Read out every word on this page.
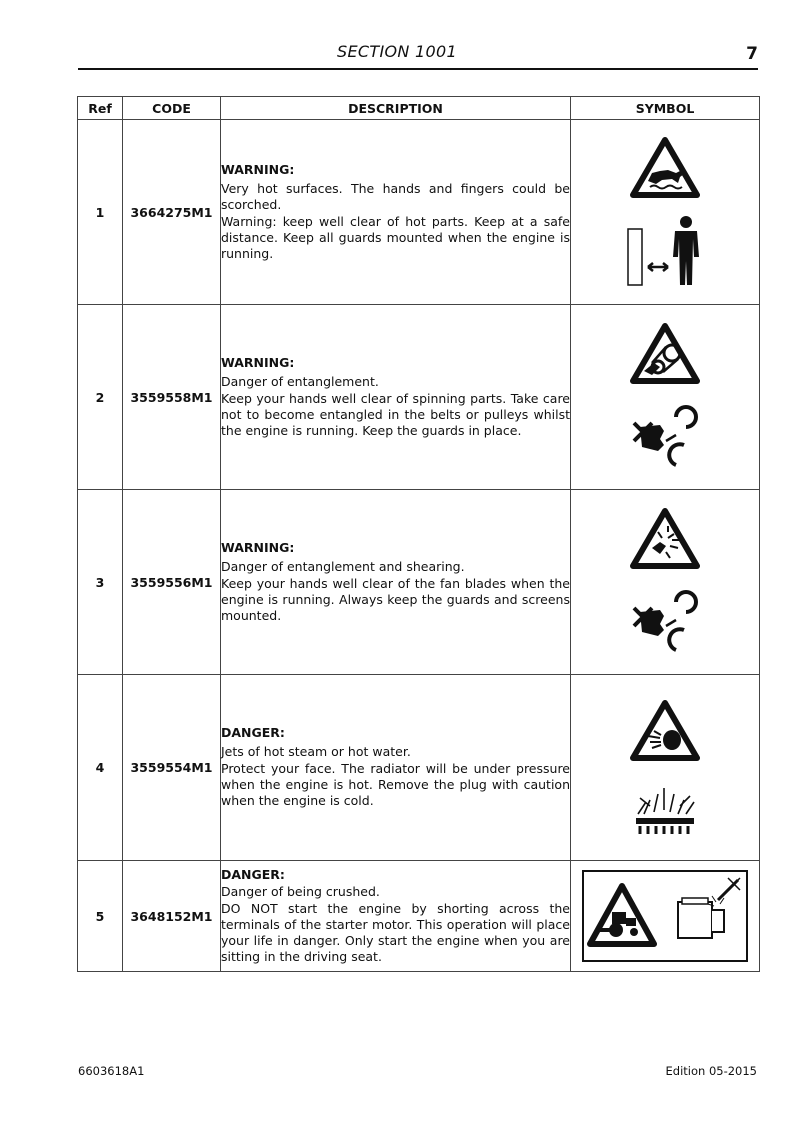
SECTION 1001	7
Ref	CODE	DESCRIPTION	SYMBOL
1	3664275M1	WARNING:
Very hot surfaces. The hands and fingers could be scorched.
Warning: keep well clear of hot parts. Keep at a safe distance. Keep all guards mounted when the engine is running.

2	3559558M1	WARNING:
Danger of entanglement.
Keep your hands well clear of spinning parts. Take care not to become entangled in the belts or pulleys whilst the engine is running. Keep the guards in place.

3	3559556M1	WARNING:
Danger of entanglement and shearing.
Keep your hands well clear of the fan blades when the engine is running. Always keep the guards and screens mounted.

4	3559554M1	DANGER:
Jets of hot steam or hot water.
Protect your face. The radiator will be under pressure when the engine is hot. Remove the plug with caution when the engine is cold.

5	3648152M1	DANGER:
Danger of being crushed.
DO NOT start the engine by shorting across the terminals of the starter motor. This operation will place your life in danger. Only start the engine when you are sitting in the driving seat.

6603618A1	Edition 05-2015
